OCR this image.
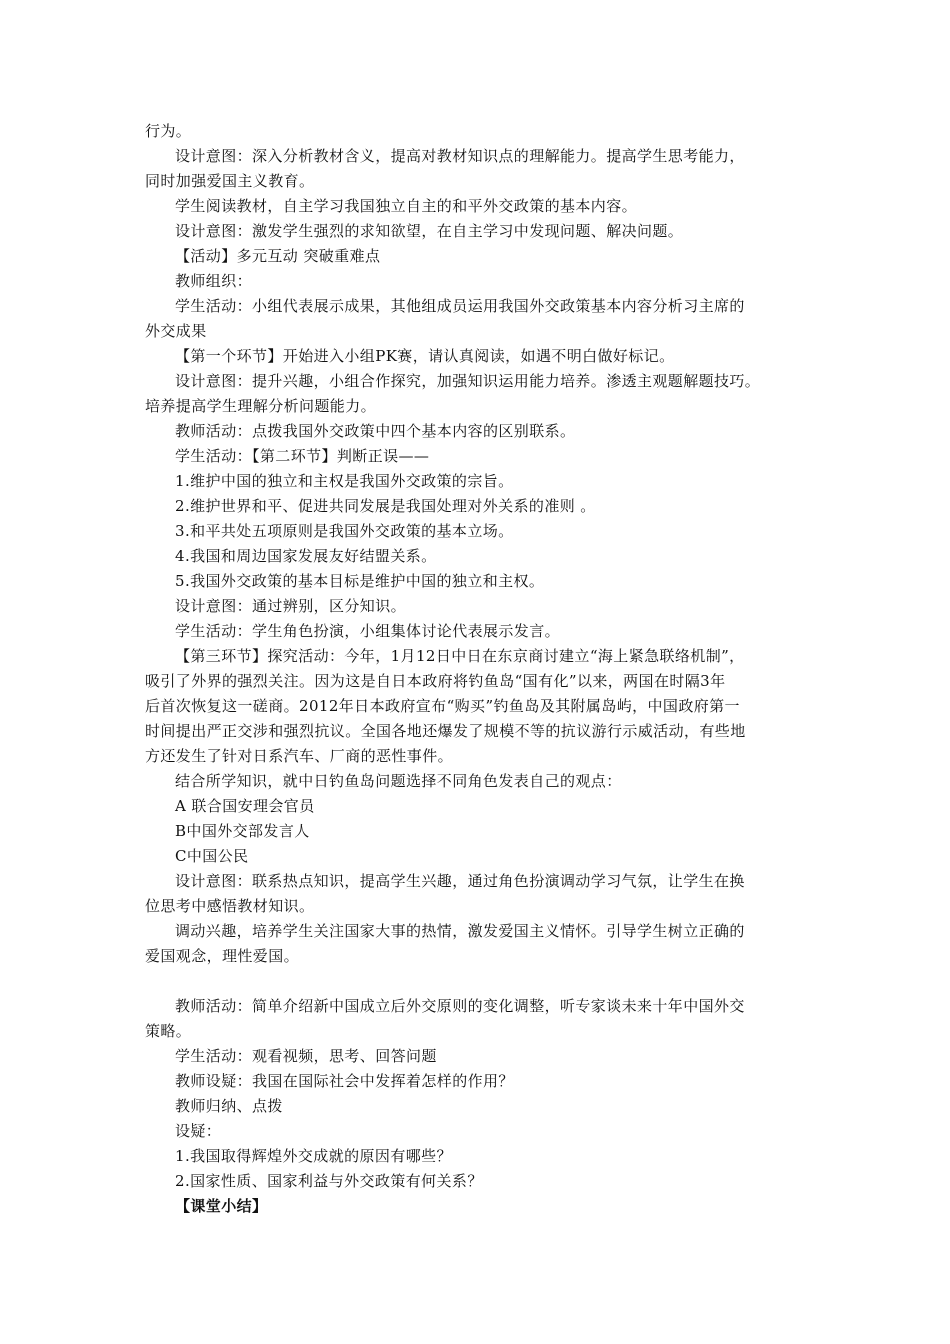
行为。
设计意图：深入分析教材含义，提高对教材知识点的理解能力。提高学生思考能力，
同时加强爱国主义教育。
学生阅读教材，自主学习我国独立自主的和平外交政策的基本内容。
设计意图：激发学生强烈的求知欲望，在自主学习中发现问题、解决问题。
【活动】多元互动 突破重难点
教师组织：
学生活动：小组代表展示成果，其他组成员运用我国外交政策基本内容分析习主席的
外交成果
【第一个环节】开始进入小组PK赛，请认真阅读，如遇不明白做好标记。
设计意图：提升兴趣，小组合作探究，加强知识运用能力培养。渗透主观题解题技巧。
培养提高学生理解分析问题能力。
教师活动：点拨我国外交政策中四个基本内容的区别联系。
学生活动：【第二环节】判断正误——
1.维护中国的独立和主权是我国外交政策的宗旨。
2.维护世界和平、促进共同发展是我国处理对外关系的准则 。
3.和平共处五项原则是我国外交政策的基本立场。
4.我国和周边国家发展友好结盟关系。
5.我国外交政策的基本目标是维护中国的独立和主权。
设计意图：通过辨别，区分知识。
学生活动：学生角色扮演，小组集体讨论代表展示发言。
【第三环节】探究活动：今年，1月12日中日在东京商讨建立“海上紧急联络机制”，
吸引了外界的强烈关注。因为这是自日本政府将钓鱼岛“国有化”以来，两国在时隔3年
后首次恢复这一磋商。2012年日本政府宣布“购买”钓鱼岛及其附属岛屿，中国政府第一
时间提出严正交涉和强烈抗议。全国各地还爆发了规模不等的抗议游行示威活动，有些地
方还发生了针对日系汽车、厂商的恶性事件。
结合所学知识，就中日钓鱼岛问题选择不同角色发表自己的观点：
A 联合国安理会官员
B中国外交部发言人
C中国公民
设计意图：联系热点知识，提高学生兴趣，通过角色扮演调动学习气氛，让学生在换
位思考中感悟教材知识。
调动兴趣，培养学生关注国家大事的热情，激发爱国主义情怀。引导学生树立正确的
爱国观念，理性爱国。
教师活动：简单介绍新中国成立后外交原则的变化调整，听专家谈未来十年中国外交
策略。
学生活动：观看视频，思考、回答问题
教师设疑：我国在国际社会中发挥着怎样的作用？
教师归纳、点拨
设疑：
1.我国取得辉煌外交成就的原因有哪些？
2.国家性质、国家利益与外交政策有何关系？
【课堂小结】
